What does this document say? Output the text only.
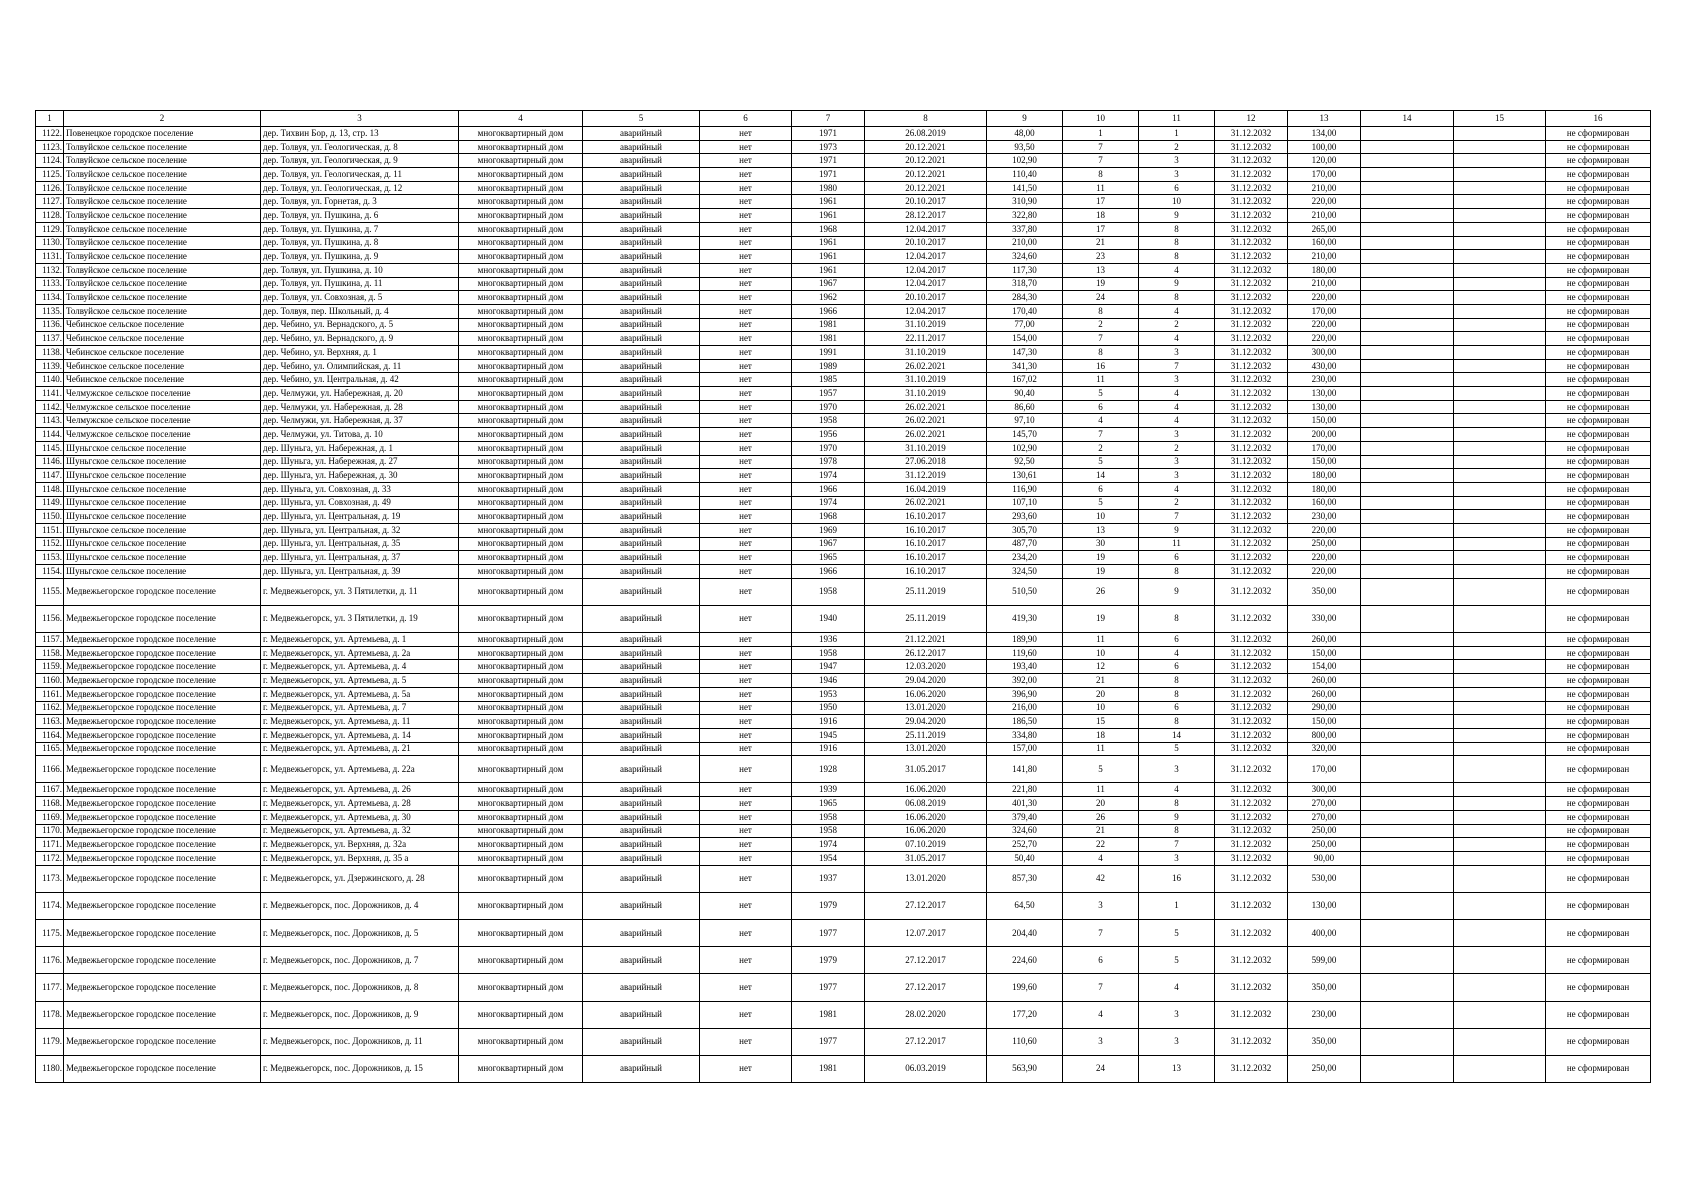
1	2	3	4	5	6	7	8	9	10	11	12	13	14	15	16
1122.	Повенецкое городское поселение	дер. Тихвин Бор, д. 13, стр. 13	многоквартирный дом	аварийный	нет	1971	26.08.2019	48,00	1	1	31.12.2032	134,00			не сформирован
1123.	Толвуйское сельское поселение	дер. Толвуя, ул. Геологическая, д. 8	многоквартирный дом	аварийный	нет	1973	20.12.2021	93,50	7	2	31.12.2032	100,00			не сформирован
1124.	Толвуйское сельское поселение	дер. Толвуя, ул. Геологическая, д. 9	многоквартирный дом	аварийный	нет	1971	20.12.2021	102,90	7	3	31.12.2032	120,00			не сформирован
1125.	Толвуйское сельское поселение	дер. Толвуя, ул. Геологическая, д. 11	многоквартирный дом	аварийный	нет	1971	20.12.2021	110,40	8	3	31.12.2032	170,00			не сформирован
1126.	Толвуйское сельское поселение	дер. Толвуя, ул. Геологическая, д. 12	многоквартирный дом	аварийный	нет	1980	20.12.2021	141,50	11	6	31.12.2032	210,00			не сформирован
1127.	Толвуйское сельское поселение	дер. Толвуя, ул. Горнетая, д. 3	многоквартирный дом	аварийный	нет	1961	20.10.2017	310,90	17	10	31.12.2032	220,00			не сформирован
1128.	Толвуйское сельское поселение	дер. Толвуя, ул. Пушкина, д. 6	многоквартирный дом	аварийный	нет	1961	28.12.2017	322,80	18	9	31.12.2032	210,00			не сформирован
1129.	Толвуйское сельское поселение	дер. Толвуя, ул. Пушкина, д. 7	многоквартирный дом	аварийный	нет	1968	12.04.2017	337,80	17	8	31.12.2032	265,00			не сформирован
1130.	Толвуйское сельское поселение	дер. Толвуя, ул. Пушкина, д. 8	многоквартирный дом	аварийный	нет	1961	20.10.2017	210,00	21	8	31.12.2032	160,00			не сформирован
1131.	Толвуйское сельское поселение	дер. Толвуя, ул. Пушкина, д. 9	многоквартирный дом	аварийный	нет	1961	12.04.2017	324,60	23	8	31.12.2032	210,00			не сформирован
1132.	Толвуйское сельское поселение	дер. Толвуя, ул. Пушкина, д. 10	многоквартирный дом	аварийный	нет	1961	12.04.2017	117,30	13	4	31.12.2032	180,00			не сформирован
1133.	Толвуйское сельское поселение	дер. Толвуя, ул. Пушкина, д. 11	многоквартирный дом	аварийный	нет	1967	12.04.2017	318,70	19	9	31.12.2032	210,00			не сформирован
1134.	Толвуйское сельское поселение	дер. Толвуя, ул. Совхозная, д. 5	многоквартирный дом	аварийный	нет	1962	20.10.2017	284,30	24	8	31.12.2032	220,00			не сформирован
1135.	Толвуйское сельское поселение	дер. Толвуя, пер. Школьный, д. 4	многоквартирный дом	аварийный	нет	1966	12.04.2017	170,40	8	4	31.12.2032	170,00			не сформирован
1136.	Чебинское сельское поселение	дер. Чебино, ул. Вернадского, д. 5	многоквартирный дом	аварийный	нет	1981	31.10.2019	77,00	2	2	31.12.2032	220,00			не сформирован
1137.	Чебинское сельское поселение	дер. Чебино, ул. Вернадского, д. 9	многоквартирный дом	аварийный	нет	1981	22.11.2017	154,00	7	4	31.12.2032	220,00			не сформирован
1138.	Чебинское сельское поселение	дер. Чебино, ул. Верхняя, д. 1	многоквартирный дом	аварийный	нет	1991	31.10.2019	147,30	8	3	31.12.2032	300,00			не сформирован
1139.	Чебинское сельское поселение	дер. Чебино, ул. Олимпийская, д. 11	многоквартирный дом	аварийный	нет	1989	26.02.2021	341,30	16	7	31.12.2032	430,00			не сформирован
1140.	Чебинское сельское поселение	дер. Чебино, ул. Центральная, д. 42	многоквартирный дом	аварийный	нет	1985	31.10.2019	167,02	11	3	31.12.2032	230,00			не сформирован
1141.	Челмужское сельское поселение	дер. Челмужи, ул. Набережная, д. 20	многоквартирный дом	аварийный	нет	1957	31.10.2019	90,40	5	4	31.12.2032	130,00			не сформирован
1142.	Челмужское сельское поселение	дер. Челмужи, ул. Набережная, д. 28	многоквартирный дом	аварийный	нет	1970	26.02.2021	86,60	6	4	31.12.2032	130,00			не сформирован
1143.	Челмужское сельское поселение	дер. Челмужи, ул. Набережная, д. 37	многоквартирный дом	аварийный	нет	1958	26.02.2021	97,10	4	4	31.12.2032	150,00			не сформирован
1144.	Челмужское сельское поселение	дер. Челмужи, ул. Титова, д. 10	многоквартирный дом	аварийный	нет	1956	26.02.2021	145,70	7	3	31.12.2032	200,00			не сформирован
1145.	Шуньгское сельское поселение	дер. Шуньга, ул. Набережная, д. 1	многоквартирный дом	аварийный	нет	1970	31.10.2019	102,90	2	2	31.12.2032	170,00			не сформирован
1146.	Шуньгское сельское поселение	дер. Шуньга, ул. Набережная, д. 27	многоквартирный дом	аварийный	нет	1978	27.06.2018	92,50	5	3	31.12.2032	150,00			не сформирован
1147.	Шуньгское сельское поселение	дер. Шуньга, ул. Набережная, д. 30	многоквартирный дом	аварийный	нет	1974	31.12.2019	130,61	14	3	31.12.2032	180,00			не сформирован
1148.	Шуньгское сельское поселение	дер. Шуньга, ул. Совхозная, д. 33	многоквартирный дом	аварийный	нет	1966	16.04.2019	116,90	6	4	31.12.2032	180,00			не сформирован
1149.	Шуньгское сельское поселение	дер. Шуньга, ул. Совхозная, д. 49	многоквартирный дом	аварийный	нет	1974	26.02.2021	107,10	5	2	31.12.2032	160,00			не сформирован
1150.	Шуньгское сельское поселение	дер. Шуньга, ул. Центральная, д. 19	многоквартирный дом	аварийный	нет	1968	16.10.2017	293,60	10	7	31.12.2032	230,00			не сформирован
1151.	Шуньгское сельское поселение	дер. Шуньга, ул. Центральная, д. 32	многоквартирный дом	аварийный	нет	1969	16.10.2017	305,70	13	9	31.12.2032	220,00			не сформирован
1152.	Шуньгское сельское поселение	дер. Шуньга, ул. Центральная, д. 35	многоквартирный дом	аварийный	нет	1967	16.10.2017	487,70	30	11	31.12.2032	250,00			не сформирован
1153.	Шуньгское сельское поселение	дер. Шуньга, ул. Центральная, д. 37	многоквартирный дом	аварийный	нет	1965	16.10.2017	234,20	19	6	31.12.2032	220,00			не сформирован
1154.	Шуньгское сельское поселение	дер. Шуньга, ул. Центральная, д. 39	многоквартирный дом	аварийный	нет	1966	16.10.2017	324,50	19	8	31.12.2032	220,00			не сформирован
1155.	Медвежьегорское городское поселение	г. Медвежьегорск, ул. 3 Пятилетки, д. 11	многоквартирный дом	аварийный	нет	1958	25.11.2019	510,50	26	9	31.12.2032	350,00			не сформирован
1156.	Медвежьегорское городское поселение	г. Медвежьегорск, ул. 3 Пятилетки, д. 19	многоквартирный дом	аварийный	нет	1940	25.11.2019	419,30	19	8	31.12.2032	330,00			не сформирован
1157.	Медвежьегорское городское поселение	г. Медвежьегорск, ул. Артемьева, д. 1	многоквартирный дом	аварийный	нет	1936	21.12.2021	189,90	11	6	31.12.2032	260,00			не сформирован
1158.	Медвежьегорское городское поселение	г. Медвежьегорск, ул. Артемьева, д. 2а	многоквартирный дом	аварийный	нет	1958	26.12.2017	119,60	10	4	31.12.2032	150,00			не сформирован
1159.	Медвежьегорское городское поселение	г. Медвежьегорск, ул. Артемьева, д. 4	многоквартирный дом	аварийный	нет	1947	12.03.2020	193,40	12	6	31.12.2032	154,00			не сформирован
1160.	Медвежьегорское городское поселение	г. Медвежьегорск, ул. Артемьева, д. 5	многоквартирный дом	аварийный	нет	1946	29.04.2020	392,00	21	8	31.12.2032	260,00			не сформирован
1161.	Медвежьегорское городское поселение	г. Медвежьегорск, ул. Артемьева, д. 5а	многоквартирный дом	аварийный	нет	1953	16.06.2020	396,90	20	8	31.12.2032	260,00			не сформирован
1162.	Медвежьегорское городское поселение	г. Медвежьегорск, ул. Артемьева, д. 7	многоквартирный дом	аварийный	нет	1950	13.01.2020	216,00	10	6	31.12.2032	290,00			не сформирован
1163.	Медвежьегорское городское поселение	г. Медвежьегорск, ул. Артемьева, д. 11	многоквартирный дом	аварийный	нет	1916	29.04.2020	186,50	15	8	31.12.2032	150,00			не сформирован
1164.	Медвежьегорское городское поселение	г. Медвежьегорск, ул. Артемьева, д. 14	многоквартирный дом	аварийный	нет	1945	25.11.2019	334,80	18	14	31.12.2032	800,00			не сформирован
1165.	Медвежьегорское городское поселение	г. Медвежьегорск, ул. Артемьева, д. 21	многоквартирный дом	аварийный	нет	1916	13.01.2020	157,00	11	5	31.12.2032	320,00			не сформирован
1166.	Медвежьегорское городское поселение	г. Медвежьегорск, ул. Артемьева, д. 22а	многоквартирный дом	аварийный	нет	1928	31.05.2017	141,80	5	3	31.12.2032	170,00			не сформирован
1167.	Медвежьегорское городское поселение	г. Медвежьегорск, ул. Артемьева, д. 26	многоквартирный дом	аварийный	нет	1939	16.06.2020	221,80	11	4	31.12.2032	300,00			не сформирован
1168.	Медвежьегорское городское поселение	г. Медвежьегорск, ул. Артемьева, д. 28	многоквартирный дом	аварийный	нет	1965	06.08.2019	401,30	20	8	31.12.2032	270,00			не сформирован
1169.	Медвежьегорское городское поселение	г. Медвежьегорск, ул. Артемьева, д. 30	многоквартирный дом	аварийный	нет	1958	16.06.2020	379,40	26	9	31.12.2032	270,00			не сформирован
1170.	Медвежьегорское городское поселение	г. Медвежьегорск, ул. Артемьева, д. 32	многоквартирный дом	аварийный	нет	1958	16.06.2020	324,60	21	8	31.12.2032	250,00			не сформирован
1171.	Медвежьегорское городское поселение	г. Медвежьегорск, ул. Верхняя, д. 32а	многоквартирный дом	аварийный	нет	1974	07.10.2019	252,70	22	7	31.12.2032	250,00			не сформирован
1172.	Медвежьегорское городское поселение	г. Медвежьегорск, ул. Верхняя, д. 35 а	многоквартирный дом	аварийный	нет	1954	31.05.2017	50,40	4	3	31.12.2032	90,00			не сформирован
1173.	Медвежьегорское городское поселение	г. Медвежьегорск, ул. Дзержинского, д. 28	многоквартирный дом	аварийный	нет	1937	13.01.2020	857,30	42	16	31.12.2032	530,00			не сформирован
1174.	Медвежьегорское городское поселение	г. Медвежьегорск, пос. Дорожников, д. 4	многоквартирный дом	аварийный	нет	1979	27.12.2017	64,50	3	1	31.12.2032	130,00			не сформирован
1175.	Медвежьегорское городское поселение	г. Медвежьегорск, пос. Дорожников, д. 5	многоквартирный дом	аварийный	нет	1977	12.07.2017	204,40	7	5	31.12.2032	400,00			не сформирован
1176.	Медвежьегорское городское поселение	г. Медвежьегорск, пос. Дорожников, д. 7	многоквартирный дом	аварийный	нет	1979	27.12.2017	224,60	6	5	31.12.2032	599,00			не сформирован
1177.	Медвежьегорское городское поселение	г. Медвежьегорск, пос. Дорожников, д. 8	многоквартирный дом	аварийный	нет	1977	27.12.2017	199,60	7	4	31.12.2032	350,00			не сформирован
1178.	Медвежьегорское городское поселение	г. Медвежьегорск, пос. Дорожников, д. 9	многоквартирный дом	аварийный	нет	1981	28.02.2020	177,20	4	3	31.12.2032	230,00			не сформирован
1179.	Медвежьегорское городское поселение	г. Медвежьегорск, пос. Дорожников, д. 11	многоквартирный дом	аварийный	нет	1977	27.12.2017	110,60	3	3	31.12.2032	350,00			не сформирован
1180.	Медвежьегорское городское поселение	г. Медвежьегорск, пос. Дорожников, д. 15	многоквартирный дом	аварийный	нет	1981	06.03.2019	563,90	24	13	31.12.2032	250,00			не сформирован
